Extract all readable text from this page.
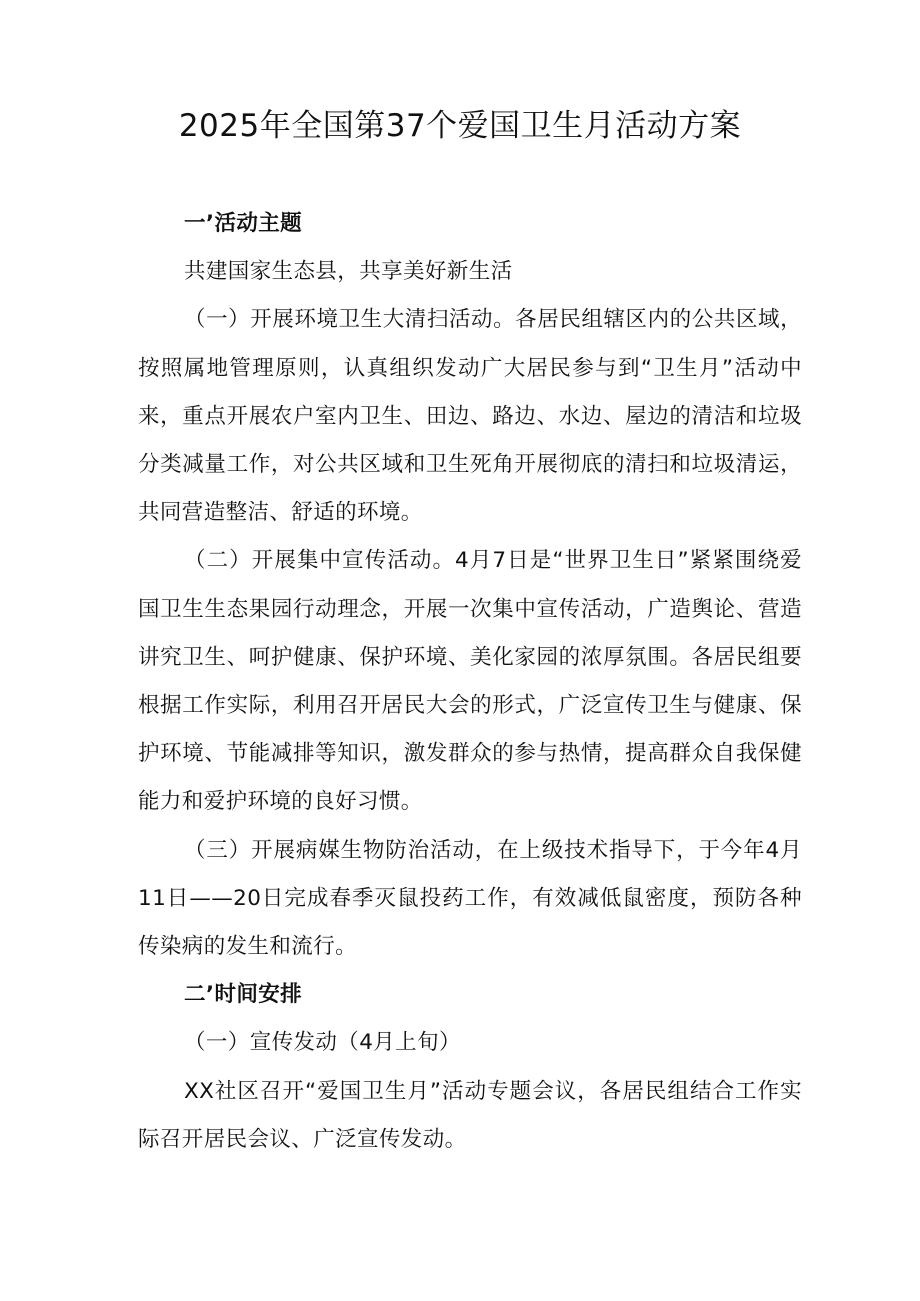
2025年全国第37个爱国卫生月活动方案
一’活动主题

共建国家生态县，共享美好新生活

（一）开展环境卫生大清扫活动。各居民组辖区内的公共区域，按照属地管理原则，认真组织发动广大居民参与到“卫生月”活动中来，重点开展农户室内卫生、田边、路边、水边、屋边的清洁和垃圾分类减量工作，对公共区域和卫生死角开展彻底的清扫和垃圾清运，共同营造整洁、舒适的环境。

（二）开展集中宣传活动。4月7日是“世界卫生日”紧紧围绕爱国卫生生态果园行动理念，开展一次集中宣传活动，广造舆论、营造讲究卫生、呵护健康、保护环境、美化家园的浓厚氛围。各居民组要根据工作实际，利用召开居民大会的形式，广泛宣传卫生与健康、保护环境、节能减排等知识，激发群众的参与热情，提高群众自我保健能力和爱护环境的良好习惯。

（三）开展病媒生物防治活动，在上级技术指导下，于今年4月11日——20日完成春季灭鼠投药工作，有效减低鼠密度，预防各种传染病的发生和流行。

二’时间安排

（一）宣传发动（4月上旬）

XX社区召开“爱国卫生月”活动专题会议，各居民组结合工作实际召开居民会议、广泛宣传发动。
